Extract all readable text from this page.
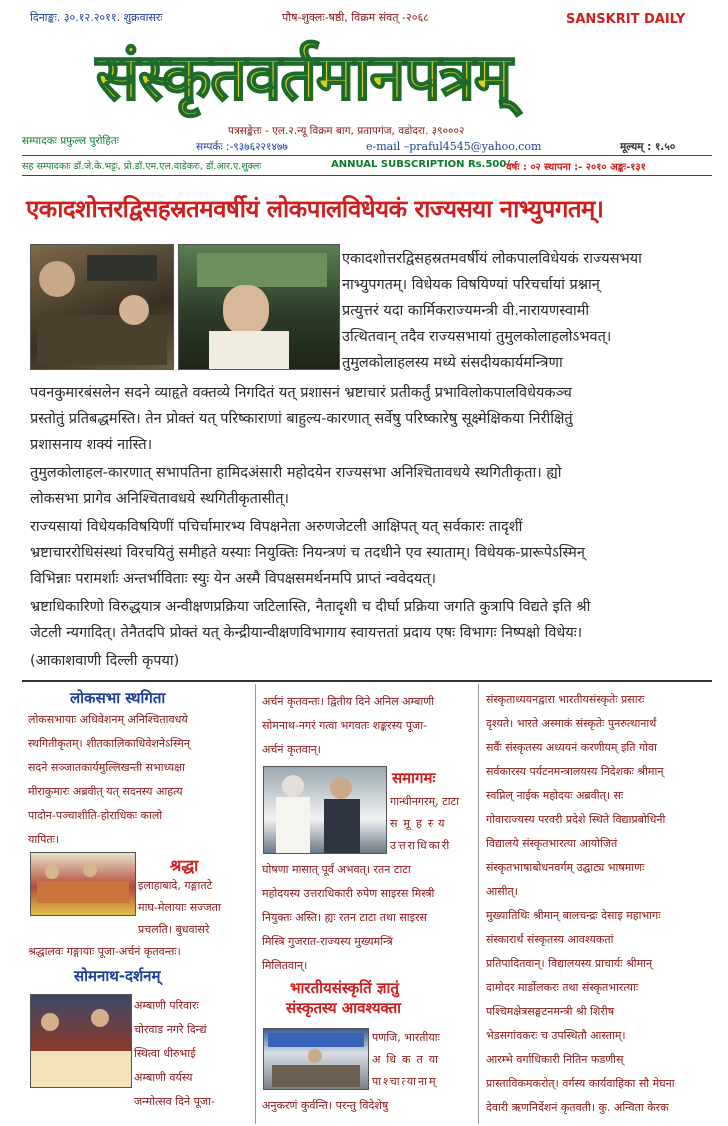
दिनाङ्कः. ३०.१२.२०११. शुक्रवासरः	पौष-शुक्लः-षष्ठी, विक्रम संवत् -२०६८	SANSKRIT DAILY
संस्कृतवर्तमानपत्रम्
सम्पादकः प्रफुल्ल पुरोहितः
पत्रसङ्केतः - एल.२.न्यू विक्रम बाग, प्रतापगंज, वडोदरा. ३९०००२
सम्पर्कः :-९३७६२२१४७७	e-mail –praful4545@yahoo.com	मूल्यम् : १.५०
सह सम्पादकाः डॉ.जे.के.भट्टः, प्रो.डॉ.एम.एल.वाडेकरः, डॉ.आर.ए.शुक्लः	ANNUAL SUBSCRIPTION Rs.500/-
वर्षः : ०२ स्थापना :- २०१० अङ्कः-१३१
एकादशोत्तरद्विसहस्रतमवर्षीयं लोकपालविधेयकं राज्यसया नाभ्युपगतम्।
एकादशोत्तरद्विसहस्रतमवर्षीयं लोकपालविधेयकं राज्यसभया
नाभ्युपगतम्। विधेयक विषयिण्यां परिचर्चायां प्रश्नान्
प्रत्युत्तरं यदा कार्मिकराज्यमन्त्री वी.नारायणस्वामी
उत्थितवान् तदैव राज्यसभायां तुमुलकोलाहलोऽभवत्।
तुमुलकोलाहलस्य मध्ये संसदीयकार्यमन्त्रिणा
पवनकुमारबंसलेन सदने व्याहृते वक्तव्ये निगदितं यत् प्रशासनं भ्रष्टाचारं प्रतीकर्तुं प्रभाविलोकपालविधेयकञ्च
प्रस्तोतुं प्रतिबद्धमस्ति। तेन प्रोक्तं यत् परिष्काराणां बाहुल्य-कारणात् सर्वेषु परिष्कारेषु सूक्ष्मेक्षिकया निरीक्षितुं
प्रशासनाय शक्यं नास्ति।
तुमुलकोलाहल-कारणात् सभापतिना हामिदअंसारी महोदयेन राज्यसभा अनिश्चितावधये स्थगितीकृता। ह्यो
लोकसभा प्रागेव अनिश्चितावधये स्थगितीकृतासीत्।
राज्यसायां विधेयकविषयिणीं पचिर्चामारभ्य विपक्षनेता अरुणजेटली आक्षिपत् यत् सर्वकारः तादृशीं
भ्रष्टाचाररोधिसंस्थां विरचयितुं समीहते यस्याः नियुक्तिः नियन्त्रणं च तदधीने एव स्याताम्। विधेयक-प्रारूपेऽस्मिन्
विभिन्नाः परामर्शाः अन्तर्भाविताः स्युः येन अस्मै विपक्षसमर्थनमपि प्राप्तं न्ववेदयत्।
भ्रष्टाधिकारिणो विरुद्धयात्र अन्वीक्षणप्रक्रिया जटिलास्ति, नैतादृशी च दीर्घा प्रक्रिया जगति कुत्रापि विद्यते इति श्री
जेटली न्यगादित्। तेनैतदपि प्रोक्तं यत् केन्द्रीयान्वीक्षणविभागाय स्वायत्ततां प्रदाय एषः विभागः निष्पक्षो विधेयः।
(आकाशवाणी दिल्ली कृपया)
लोकसभा स्थगिता
लोकसभायाः अधिवेशनम् अनिश्चितावधये
स्थगितीकृतम्। शीतकालिकाधिवेशनेऽस्मिन्
सदने सञ्जातकार्यमुल्लिखन्ती सभाध्यक्षा
मीराकुमारः अब्रवीत् यत् सदनस्य आहत्य
पादोन-पञ्चाशीति-होराधिकः कालो
यापितः।
श्रद्धा
इलाहाबादे, गङ्गातटे
माघ-मेलायाः सज्जता
प्रचलति। बुधवासरे
श्रद्धालवः गङ्गायाः पूजा-अर्चनं कृतवन्तः।
सोमनाथ-दर्शनम्
अम्बाणी परिवारः
चोरवाड नगरे दिन्द्यं
स्थित्वा धीरुभाई
अम्बाणी वर्यस्य
जन्मोत्सव दिने पूजा-
अर्चनं कृतवन्तः। द्वितीय दिने अनिल अम्बाणी
सोमनाथ-नगरं गत्वा भगवतः शङ्करस्य पूजा-
अर्चनं कृतवान्।
समागमः
गान्धीनगरम्, टाटा
समूहस्य
उत्तराधिकारी
घोषणा मासात् पूर्वं अभवत्। रतन टाटा
महोदयस्य उत्तराधिकारी रुपेण साइरस मिस्त्री
नियुक्तः अस्ति। ह्यः रतन टाटा तथा साइरस
मिस्त्रि गुजरात-राज्यस्य मुख्यमन्त्रिं
मिलितवान्।
भारतीयसंस्कृतिं ज्ञातुं
संस्कृतस्य आवश्यक्ता
पणजि, भारतीयाः
अधिकतया
पाश्चात्यानाम्
अनुकरणं कुर्वन्ति। परन्तु विदेशेषु
संस्कृताध्ययनद्वारा भारतीयसंस्कृतेः प्रसारः
दृश्यते। भारते अस्माकं संस्कृतेः पुनरुत्थानार्थं
सर्वैः संस्कृतस्य अध्ययनं करणीयम् इति गोवा
सर्वकारस्य पर्यटनमन्त्रालयस्य निदेशकः श्रीमान्
स्वप्निल् नाईक महोदयः अब्रवीत्। सः
गोवाराज्यस्य परवरी प्रदेशे स्थिते विद्याप्रबोधिनी
विद्यालये संस्कृतभारत्या आयोजितं
संस्कृतभाषाबोधनवर्गम् उद्घाट्य भाषमाणः
आसीत्।
मुख्यातिथिः श्रीमान् बालचन्द्रः देसाइ महाभागः
संस्कारार्थं संस्कृतस्य आवश्यकतां
प्रतिपादितवान्। विद्यालयस्य प्राचार्यः श्रीमान्
दामोदर मार्डोलकरः तथा संस्कृतभारत्याः
पश्चिमक्षेत्रसङ्घटनमन्त्री श्री शिरीष
भेडसगांवकरः च उपस्थितौ आस्ताम्।
आरम्भे वर्गाधिकारी नितिन फडणीस्
प्रास्ताविकमकरोत्। वर्गस्य कार्यवाहिका सौ मेघना
देवारी ऋणनिर्देशनं कृतवती। कु. अन्विता केरक
